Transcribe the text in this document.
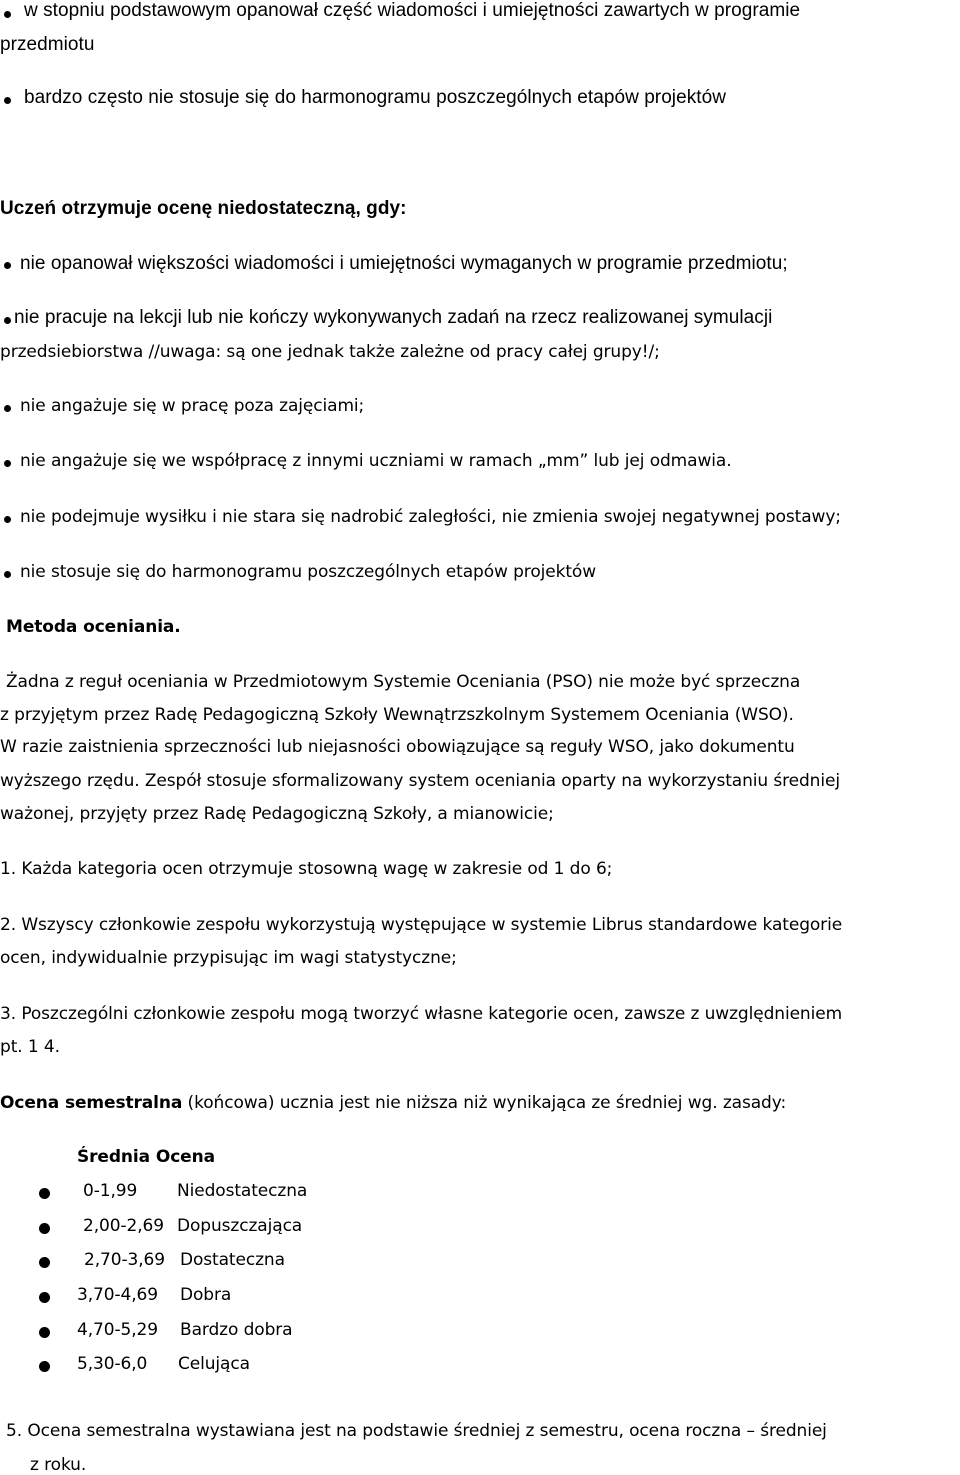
w stopniu podstawowym opanował część wiadomości i umiejętności zawartych w programie
przedmiotu
bardzo często nie stosuje się do harmonogramu poszczególnych etapów projektów
Uczeń otrzymuje ocenę niedostateczną, gdy:
nie opanował większości wiadomości i umiejętności wymaganych w programie przedmiotu;
nie pracuje na lekcji lub nie kończy wykonywanych zadań na rzecz realizowanej symulacji
przedsiebiorstwa //uwaga: są one jednak także zależne od pracy całej grupy!/;
nie angażuje się w pracę poza zajęciami;
nie angażuje się we współpracę z innymi uczniami w ramach „mm” lub jej odmawia.
nie podejmuje wysiłku i nie stara się nadrobić zaległości, nie zmienia swojej negatywnej postawy;
nie stosuje się do harmonogramu poszczególnych etapów projektów
Metoda oceniania.
Żadna z reguł oceniania w Przedmiotowym Systemie Oceniania (PSO) nie może być sprzeczna
z przyjętym przez Radę Pedagogiczną Szkoły Wewnątrzszkolnym Systemem Oceniania (WSO).
W razie zaistnienia sprzeczności lub niejasności obowiązujące są reguły WSO, jako dokumentu
wyższego rzędu. Zespół stosuje sformalizowany system oceniania oparty na wykorzystaniu średniej
ważonej, przyjęty przez Radę Pedagogiczną Szkoły, a mianowicie;
1. Każda kategoria ocen otrzymuje stosowną wagę w zakresie od 1 do 6;
2. Wszyscy członkowie zespołu wykorzystują występujące w systemie Librus standardowe kategorie
ocen, indywidualnie przypisując im wagi statystyczne;
3. Poszczególni członkowie zespołu mogą tworzyć własne kategorie ocen, zawsze z uwzględnieniem
pt. 1 4.
Ocena semestralna (końcowa) ucznia jest nie niższa niż wynikająca ze średniej wg. zasady:
Średnia Ocena
0-1,99 Niedostateczna
2,00-2,69 Dopuszczająca
2,70-3,69 Dostateczna
3,70-4,69 Dobra
4,70-5,29 Bardzo dobra
5,30-6,0 Celująca
5. Ocena semestralna wystawiana jest na podstawie średniej z semestru, ocena roczna – średniej
z roku.
